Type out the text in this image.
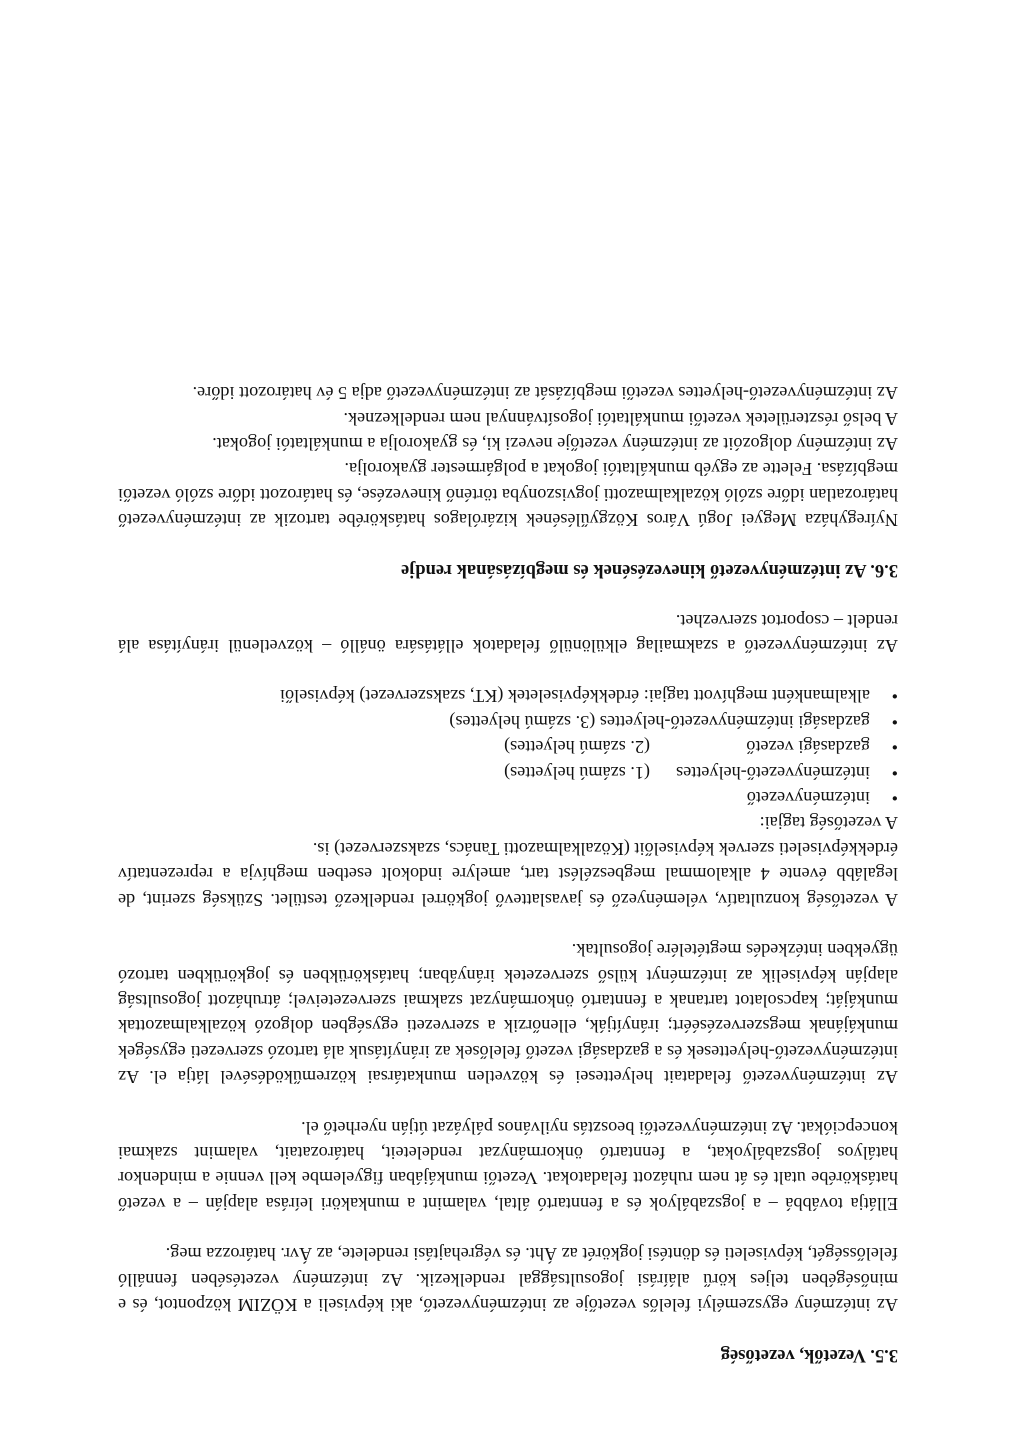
3.5. Vezetők, vezetőség

Az intézmény egyszemélyi felelős vezetője az intézményvezető, aki képviseli a KÖZIM központot, és e minőségében teljes körű aláírási jogosultsággal rendelkezik. Az intézmény vezetésében fennálló felelősségét, képviseleti és döntési jogkörét az Áht. és végrehajtási rendelete, az Ávr. határozza meg.

Ellátja továbbá – a jogszabályok és a fenntartó által, valamint a munkaköri leírása alapján – a vezető hatáskörébe utalt és át nem ruházott feladatokat. Vezetői munkájában figyelembe kell vennie a mindenkor hatályos jogszabályokat, a fenntartó önkormányzat rendeleteit, határozatait, valamint szakmai koncepciókat. Az intézményvezetői beosztás nyilvános pályázat útján nyerhető el.

Az intézményvezető feladatait helyettesei és közvetlen munkatársai közreműködésével látja el. Az intézményvezető-helyettesek és a gazdasági vezető felelősek az irányításuk alá tartozó szervezeti egységek munkájának megszervezéséért; irányítják, ellenőrzik a szervezeti egységben dolgozó közalkalmazottak munkáját; kapcsolatot tartanak a fenntartó önkormányzat szakmai szervezeteivel; átruházott jogosultság alapján képviselik az intézményt külső szervezetek irányában; hatáskörükben és jogkörükben tartozó ügyekben intézkedés megtételére jogosultak.

A vezetőség konzultatív, véleményező és javaslattevő jogkörrel rendelkező testület. Szükség szerint, de legalább évente 4 alkalommal megbeszélést tart, amelyre indokolt esetben meghívja a reprezentatív érdekképviseleti szervek képviselőit (Közalkalmazotti Tanács, szakszervezet) is.

A vezetőség tagjai:

•
intézményvezető
•
intézményvezető-helyettes(1. számú helyettes)
•
gazdasági vezető(2. számú helyettes)
•
gazdasági intézményvezető-helyettes (3. számú helyettes)
•
alkalmanként meghívott tagjai: érdekképviseletek (KT, szakszervezet) képviselői

Az intézményvezető a szakmailag elkülönülő feladatok ellátására önálló – közvetlenül irányítása alá rendelt – csoportot szervezhet.

3.6. Az intézményvezető kinevezésének és megbízásának rendje

Nyíregyháza Megyei Jogú Város Közgyűlésének kizárólagos hatáskörébe tartozik az intézményvezető határozatlan időre szóló közalkalmazotti jogviszonyba történő kinevezése, és határozott időre szóló vezetői megbízása. Felette az egyéb munkáltatói jogokat a polgármester gyakorolja.

Az intézmény dolgozóit az intézmény vezetője nevezi ki, és gyakorolja a munkáltatói jogokat.

A belső részterületek vezetői munkáltatói jogosítvánnyal nem rendelkeznek.

Az intézményvezető-helyettes vezetői megbízását az intézményvezető adja 5 év határozott időre.
